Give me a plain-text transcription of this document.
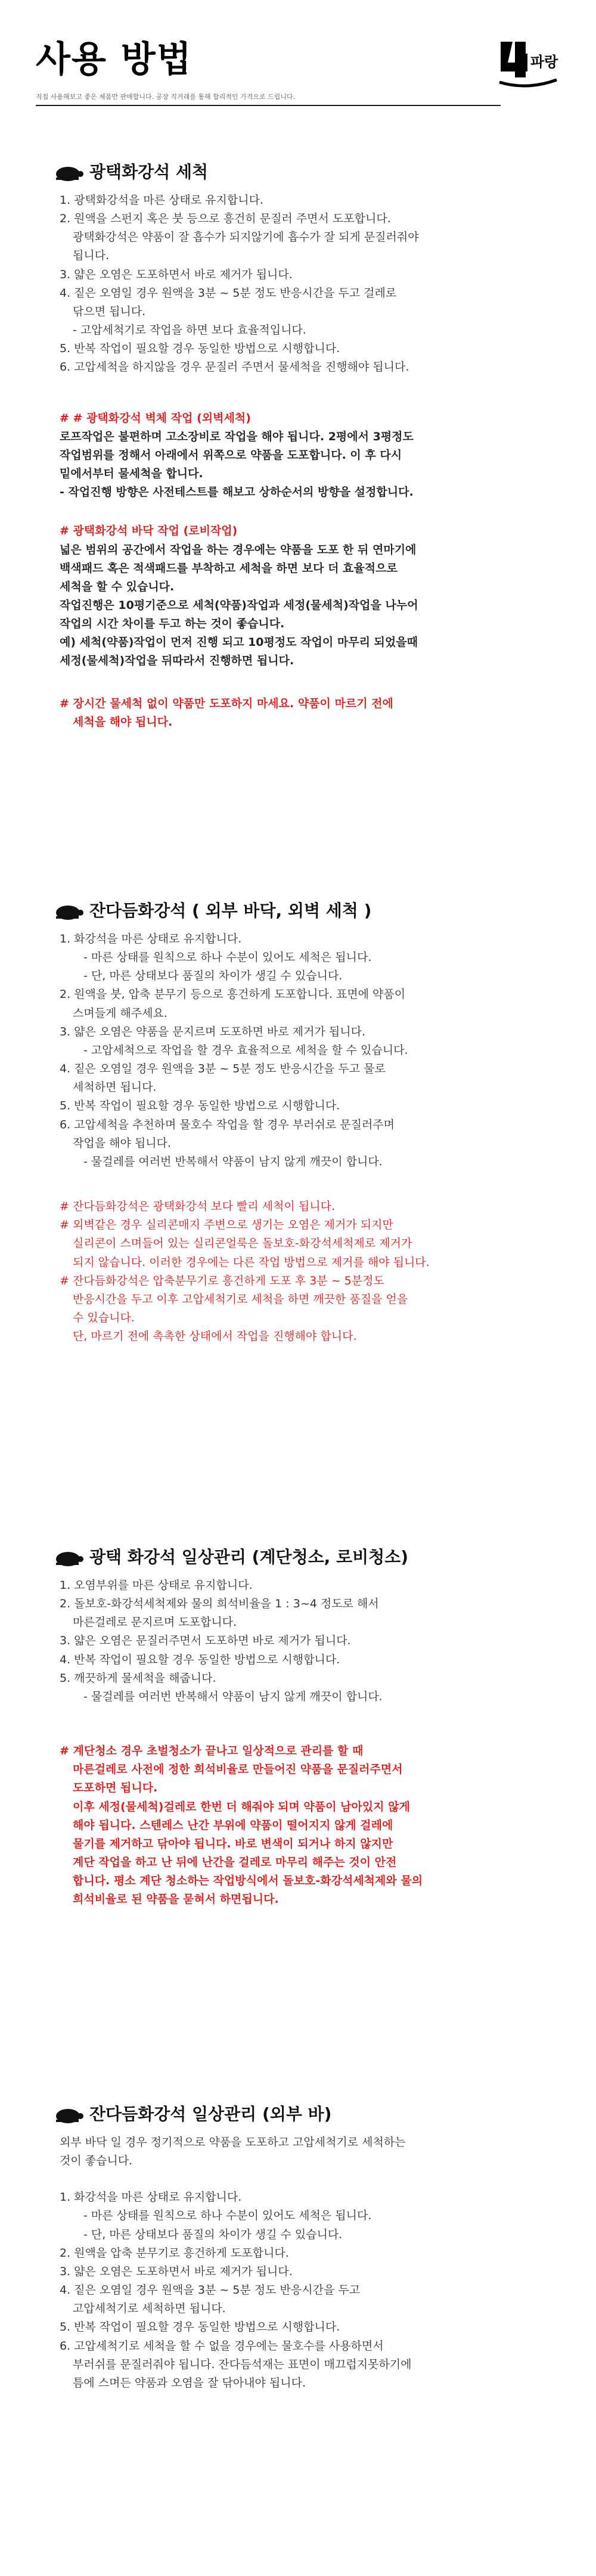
사용 방법
직접 사용해보고 좋은 제품만 판매합니다. 공장 직거래를 통해 합리적인 가격으로 드립니다.
파랑
광택화강석 세척
1. 광택화강석을 마른 상태로 유지합니다.
2. 원액을 스펀지 혹은 붓 등으로 흥건히 문질러 주면서 도포합니다.
광택화강석은 약품이 잘 흡수가 되지않기에 흡수가 잘 되게 문질러줘야
됩니다.
3. 얇은 오염은 도포하면서 바로 제거가 됩니다.
4. 짙은 오염일 경우 원액을 3분 ~ 5분 정도 반응시간을 두고 걸레로
닦으면 됩니다.
- 고압세척기로 작업을 하면 보다 효율적입니다.
5. 반복 작업이 필요할 경우 동일한 방법으로 시행합니다.
6. 고압세척을 하지않을 경우 문질러 주면서 물세척을 진행해야 됩니다.
# # 광택화강석 벽체 작업 (외벽세척)
로프작업은 불편하며 고소장비로 작업을 해야 됩니다. 2평에서 3평정도
작업범위를 정해서 아래에서 위쪽으로 약품을 도포합니다. 이 후 다시
밑에서부터 물세척을 합니다.
- 작업진행 방향은 사전테스트를 해보고 상하순서의 방향을 설정합니다.
# 광택화강석 바닥 작업 (로비작업)
넓은 범위의 공간에서 작업을 하는 경우에는 약품을 도포 한 뒤 연마기에
백색패드 혹은 적색패드를 부착하고 세척을 하면 보다 더 효율적으로
세척을 할 수 있습니다.
작업진행은 10평기준으로 세척(약품)작업과 세정(물세척)작업을 나누어
작업의 시간 차이를 두고 하는 것이 좋습니다.
예) 세척(약품)작업이 먼저 진행 되고 10평정도 작업이 마무리 되었을때
세정(물세척)작업을 뒤따라서 진행하면 됩니다.
# 장시간 물세척 없이 약품만 도포하지 마세요. 약품이 마르기 전에
세척을 해야 됩니다.
잔다듬화강석 ( 외부 바닥, 외벽 세척 )
1. 화강석을 마른 상태로 유지합니다.
- 마른 상태를 원칙으로 하나 수분이 있어도 세척은 됩니다.
- 단, 마른 상태보다 품질의 차이가 생길 수 있습니다.
2. 원액을 붓, 압축 분무기 등으로 흥건하게 도포합니다. 표면에 약품이
스며들게 해주세요.
3. 얇은 오염은 약품을 문지르며 도포하면 바로 제거가 됩니다.
- 고압세척으로 작업을 할 경우 효율적으로 세척을 할 수 있습니다.
4. 짙은 오염일 경우 원액을 3분 ~ 5분 정도 반응시간을 두고 물로
세척하면 됩니다.
5. 반복 작업이 필요할 경우 동일한 방법으로 시행합니다.
6. 고압세척을 추천하며 물호수 작업을 할 경우 부러쉬로 문질러주며
작업을 해야 됩니다.
- 물걸레를 여러번 반복해서 약품이 남지 않게 깨끗이 합니다.
# 잔다듬화강석은 광택화강석 보다 빨리 세척이 됩니다.
# 외벽같은 경우 실리콘매지 주변으로 생기는 오염은 제거가 되지만
실리콘이 스며들어 있는 실리콘얼룩은 돌보호-화강석세척제로 제거가
되지 않습니다. 이러한 경우에는 다른 작업 방법으로 제거를 해야 됩니다.
# 잔다듬화강석은 압축분무기로 흥건하게 도포 후 3분 ~ 5분정도
반응시간을 두고 이후 고압세척기로 세척을 하면 깨끗한 품질을 얻을
수 있습니다.
단, 마르기 전에 촉촉한 상태에서 작업을 진행해야 합니다.
광택 화강석 일상관리 (계단청소, 로비청소)
1. 오염부위를 마른 상태로 유지합니다.
2. 돌보호-화강석세척제와 물의 희석비율을 1 : 3~4 정도로 해서
마른걸레로 문지르며 도포합니다.
3. 얇은 오염은 문질러주면서 도포하면 바로 제거가 됩니다.
4. 반복 작업이 필요할 경우 동일한 방법으로 시행합니다.
5. 깨끗하게 물세척을 해줍니다.
- 물걸레를 여러번 반복해서 약품이 남지 않게 깨끗이 합니다.
# 계단청소 경우 초벌청소가 끝나고 일상적으로 관리를 할 때
마른걸레로 사전에 정한 희석비율로 만들어진 약품을 문질러주면서
도포하면 됩니다.
이후 세정(물세척)걸레로 한번 더 해줘야 되며 약품이 남아있지 않게
해야 됩니다. 스텐레스 난간 부위에 약품이 떨어지지 않게 걸레에
물기를 제거하고 닦아야 됩니다. 바로 변색이 되거나 하지 않지만
계단 작업을 하고 난 뒤에 난간을 걸레로 마무리 해주는 것이 안전
합니다. 평소 계단 청소하는 작업방식에서 돌보호-화강석세척제와 물의
희석비율로 된 약품을 묻혀서 하면됩니다.
잔다듬화강석 일상관리 (외부 바)
외부 바닥 일 경우 정기적으로 약품을 도포하고 고압세척기로 세척하는
것이 좋습니다.
1. 화강석을 마른 상태로 유지합니다.
- 마른 상태를 원칙으로 하나 수분이 있어도 세척은 됩니다.
- 단, 마른 상태보다 품질의 차이가 생길 수 있습니다.
2. 원액을 압축 분무기로 흥건하게 도포합니다.
3. 얇은 오염은 도포하면서 바로 제거가 됩니다.
4. 짙은 오염일 경우 원액을 3분 ~ 5분 정도 반응시간을 두고
고압세척기로 세척하면 됩니다.
5. 반복 작업이 필요할 경우 동일한 방법으로 시행합니다.
6. 고압세척기로 세척을 할 수 없을 경우에는 물호수를 사용하면서
부러쉬를 문질러줘야 됩니다. 잔다듬석재는 표면이 매끄럽지못하기에
틈에 스며든 약품과 오염을 잘 닦아내야 됩니다.
